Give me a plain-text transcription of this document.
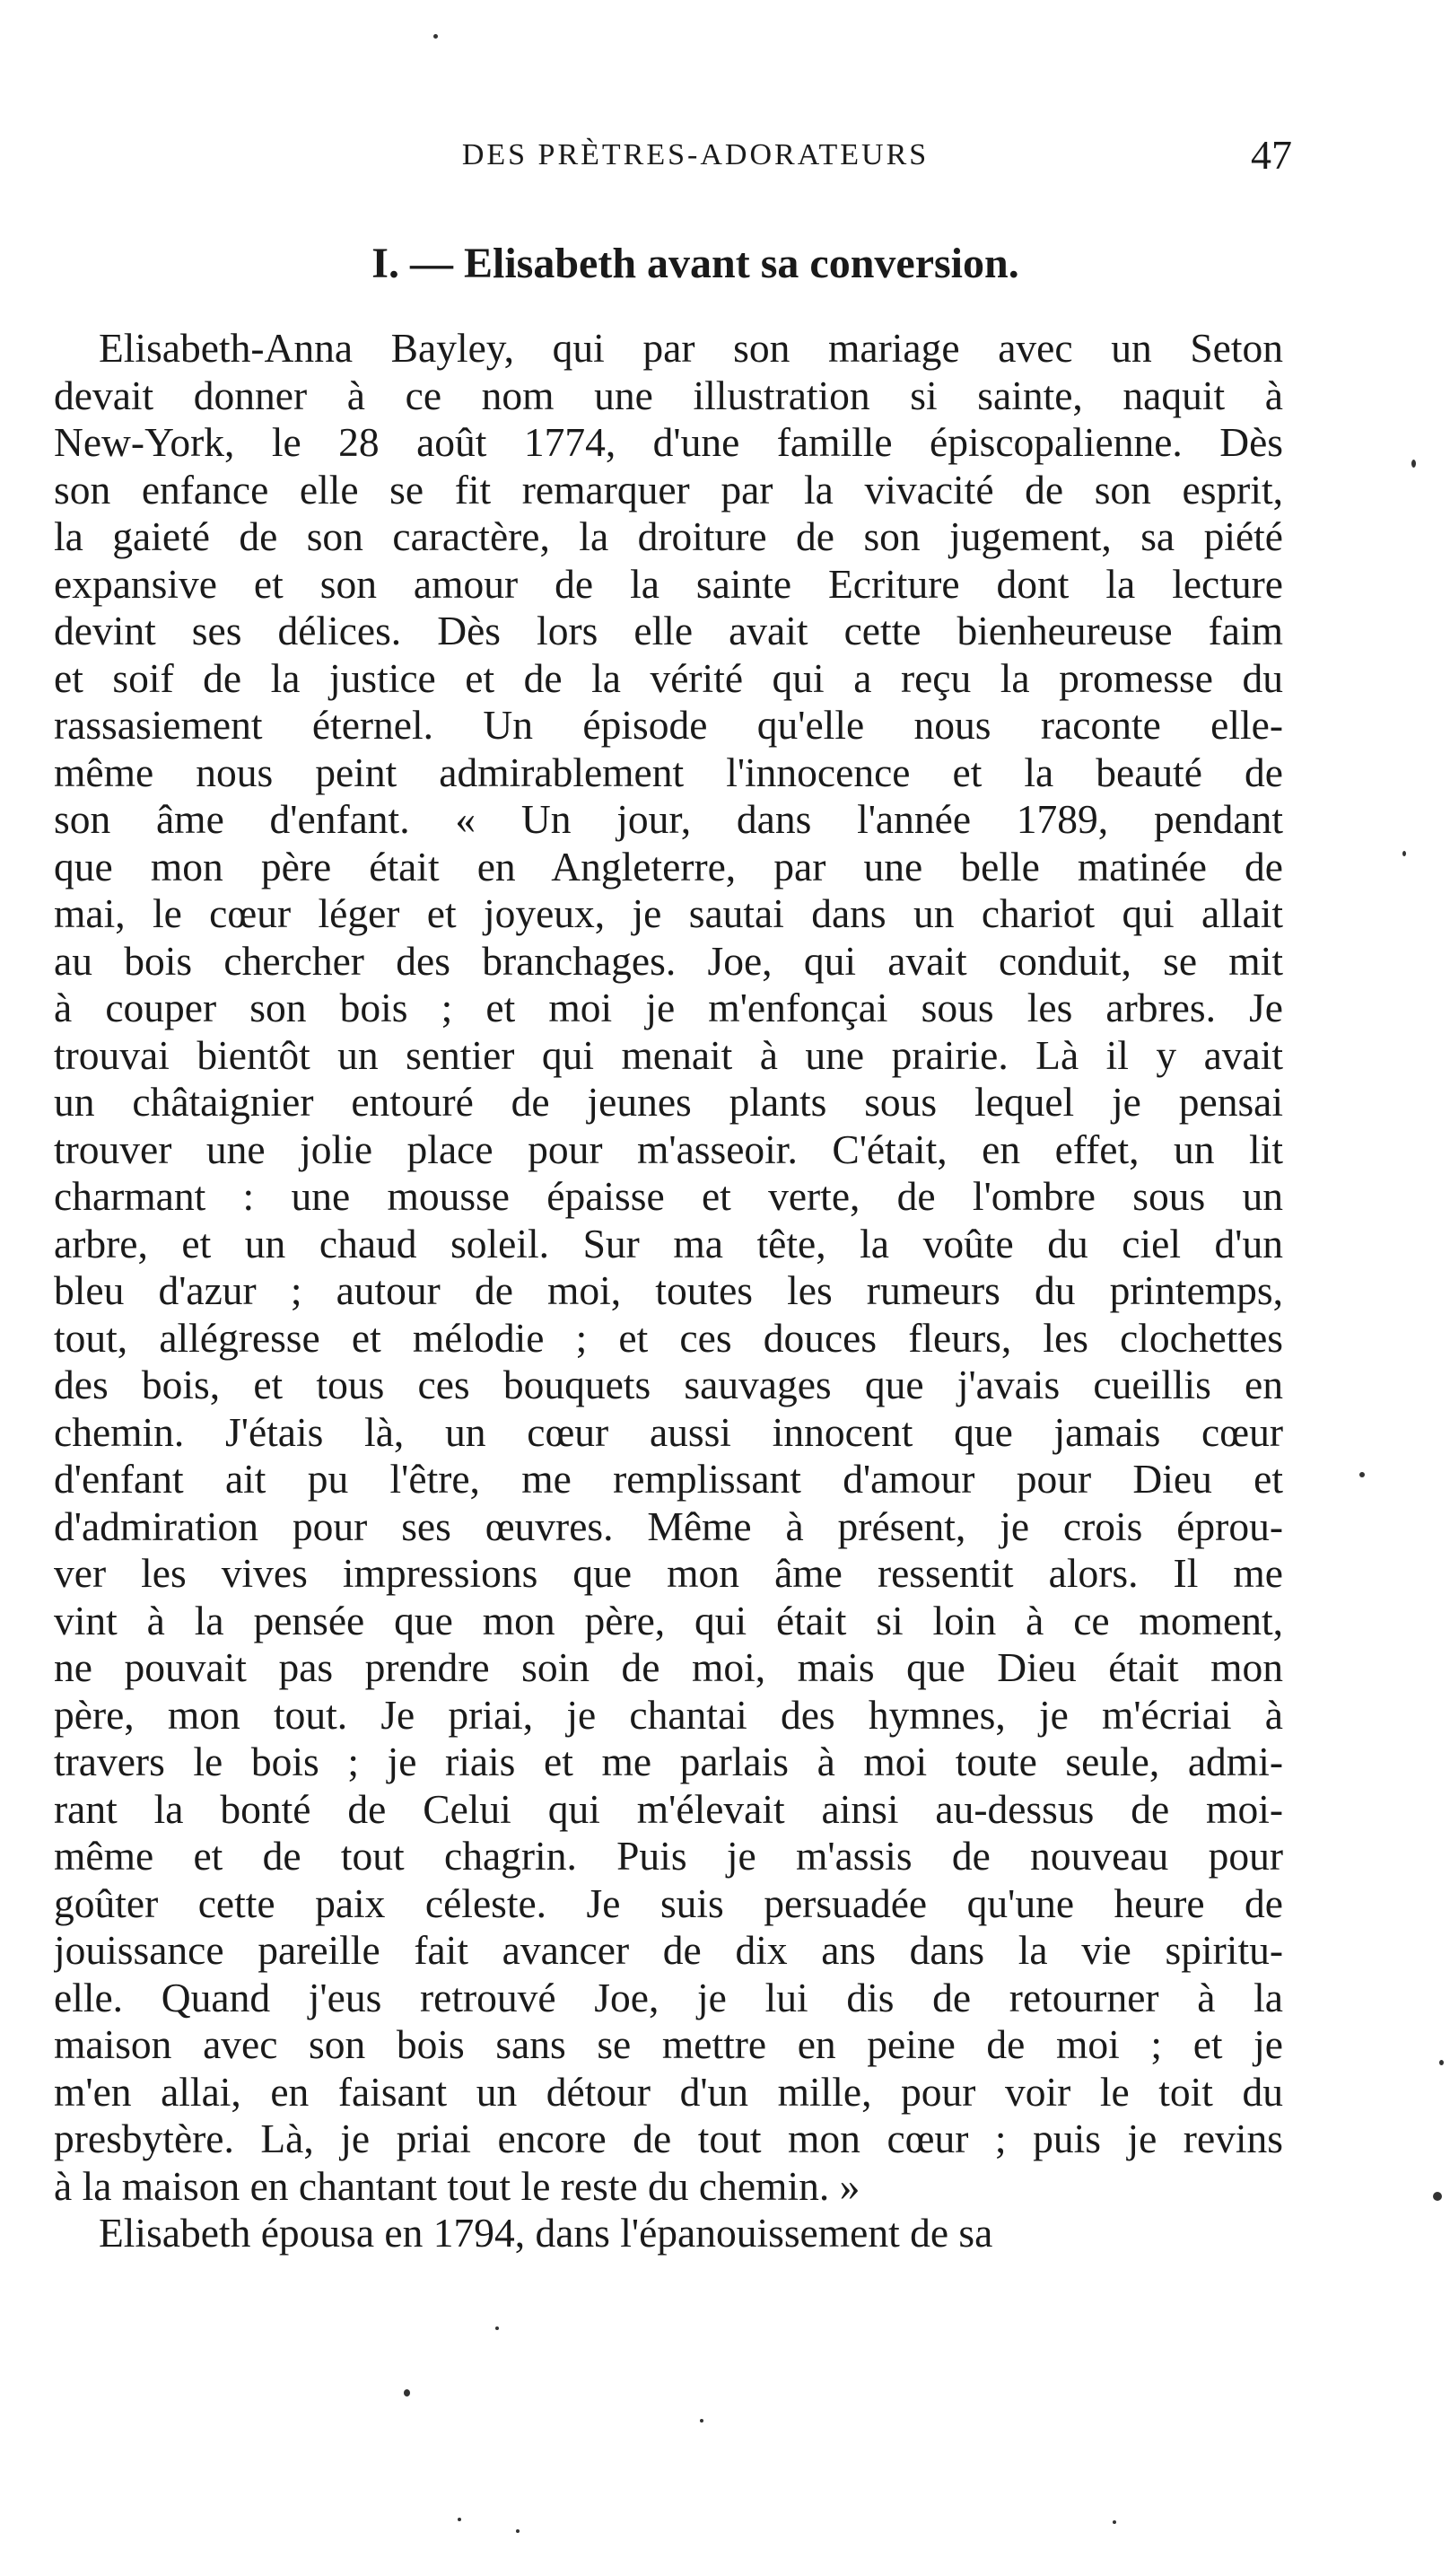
DES PRÈTRES-ADORATEURS	47
I. — Elisabeth avant sa conversion.
Elisabeth-Anna Bayley, qui par son mariage avec un Seton
devait donner à ce nom une illustration si sainte, naquit à
New-York, le 28 août 1774, d'une famille épiscopalienne. Dès
son enfance elle se fit remarquer par la vivacité de son esprit,
la gaieté de son caractère, la droiture de son jugement, sa piété
expansive et son amour de la sainte Ecriture dont la lecture
devint ses délices. Dès lors elle avait cette bienheureuse faim
et soif de la justice et de la vérité qui a reçu la promesse du
rassasiement éternel. Un épisode qu'elle nous raconte elle-
même nous peint admirablement l'innocence et la beauté de
son âme d'enfant. « Un jour, dans l'année 1789, pendant
que mon père était en Angleterre, par une belle matinée de
mai, le cœur léger et joyeux, je sautai dans un chariot qui allait
au bois chercher des branchages. Joe, qui avait conduit, se mit
à couper son bois ; et moi je m'enfonçai sous les arbres. Je
trouvai bientôt un sentier qui menait à une prairie. Là il y avait
un châtaignier entouré de jeunes plants sous lequel je pensai
trouver une jolie place pour m'asseoir. C'était, en effet, un lit
charmant : une mousse épaisse et verte, de l'ombre sous un
arbre, et un chaud soleil. Sur ma tête, la voûte du ciel d'un
bleu d'azur ; autour de moi, toutes les rumeurs du printemps,
tout, allégresse et mélodie ; et ces douces fleurs, les clochettes
des bois, et tous ces bouquets sauvages que j'avais cueillis en
chemin. J'étais là, un cœur aussi innocent que jamais cœur
d'enfant ait pu l'être, me remplissant d'amour pour Dieu et
d'admiration pour ses œuvres. Même à présent, je crois éprou-
ver les vives impressions que mon âme ressentit alors. Il me
vint à la pensée que mon père, qui était si loin à ce moment,
ne pouvait pas prendre soin de moi, mais que Dieu était mon
père, mon tout. Je priai, je chantai des hymnes, je m'écriai à
travers le bois ; je riais et me parlais à moi toute seule, admi-
rant la bonté de Celui qui m'élevait ainsi au-dessus de moi-
même et de tout chagrin. Puis je m'assis de nouveau pour
goûter cette paix céleste. Je suis persuadée qu'une heure de
jouissance pareille fait avancer de dix ans dans la vie spiritu-
elle. Quand j'eus retrouvé Joe, je lui dis de retourner à la
maison avec son bois sans se mettre en peine de moi ; et je
m'en allai, en faisant un détour d'un mille, pour voir le toit du
presbytère. Là, je priai encore de tout mon cœur ; puis je revins
à la maison en chantant tout le reste du chemin. »
Elisabeth épousa en 1794, dans l'épanouissement de sa
